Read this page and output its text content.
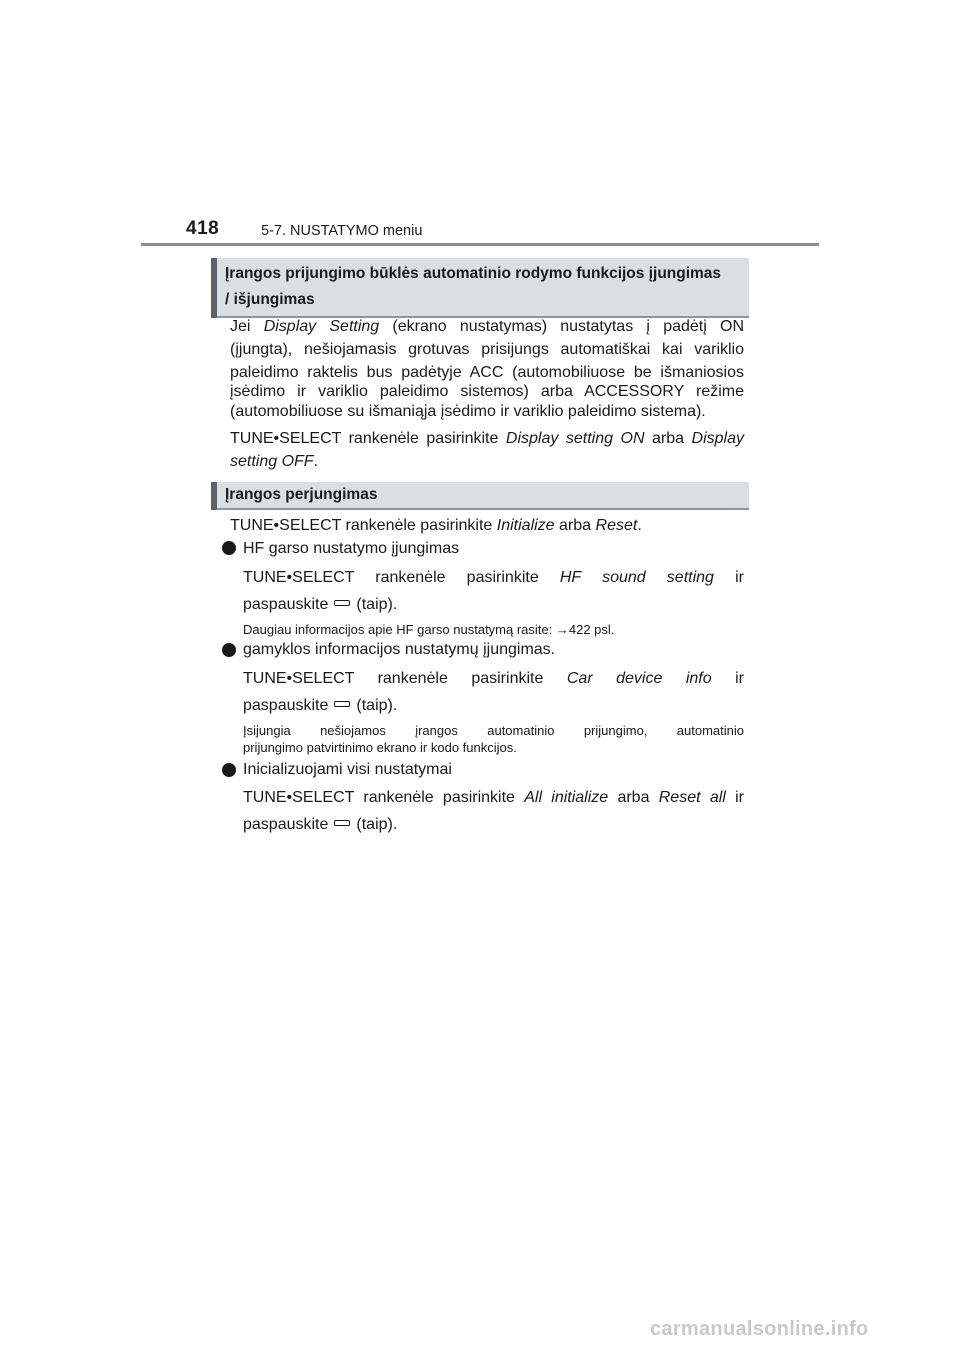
418	5-7. NUSTATYMO meniu
Įrangos prijungimo būklės automatinio rodymo funkcijos įjungimas
/ išjungimas
Jei Display Setting (ekrano nustatymas) nustatytas į padėtį ON
(įjungta), nešiojamasis grotuvas prisijungs automatiškai kai variklio
paleidimo raktelis bus padėtyje ACC (automobiliuose be išmaniosios
įsėdimo ir variklio paleidimo sistemos) arba ACCESSORY režime
(automobiliuose su išmaniąja įsėdimo ir variklio paleidimo sistema).
TUNE•SELECT rankenėle pasirinkite Display setting ON arba Display
setting OFF.
Įrangos perjungimas
TUNE•SELECT rankenėle pasirinkite Initialize arba Reset.
HF garso nustatymo įjungimas
TUNE•SELECT rankenėle pasirinkite HF sound setting ir
paspauskite (taip).
Daugiau informacijos apie HF garso nustatymą rasite: →422 psl.
gamyklos informacijos nustatymų įjungimas.
TUNE•SELECT rankenėle pasirinkite Car device info ir
paspauskite (taip).
Įsijungia nešiojamos įrangos automatinio prijungimo, automatinio
prijungimo patvirtinimo ekrano ir kodo funkcijos.
Inicializuojami visi nustatymai
TUNE•SELECT rankenėle pasirinkite All initialize arba Reset all ir
paspauskite (taip).
carmanualsonline.info
